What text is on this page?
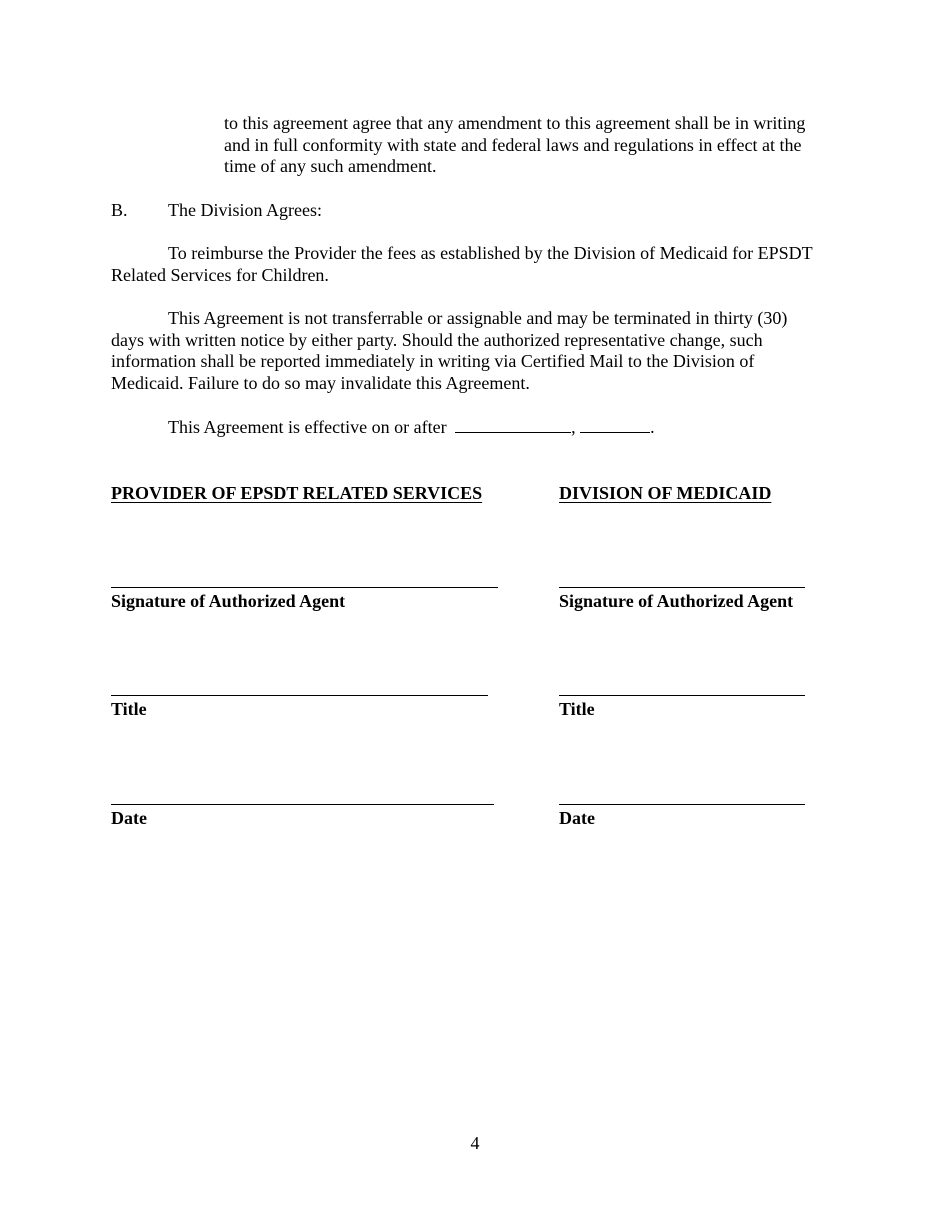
to this agreement agree that any amendment to this agreement shall be in writing
and in full conformity with state and federal laws and regulations in effect at the
time of any such amendment.
B. The Division Agrees:
To reimburse the Provider the fees as established by the Division of Medicaid for EPSDT
Related Services for Children.
This Agreement is not transferrable or assignable and may be terminated in thirty (30)
days with written notice by either party. Should the authorized representative change, such
information shall be reported immediately in writing via Certified Mail to the Division of
Medicaid. Failure to do so may invalidate this Agreement.
This Agreement is effective on or after	,	.
PROVIDER OF EPSDT RELATED SERVICES	DIVISION OF MEDICAID
Signature of Authorized Agent	Signature of Authorized Agent
Title	Title
Date	Date
4
